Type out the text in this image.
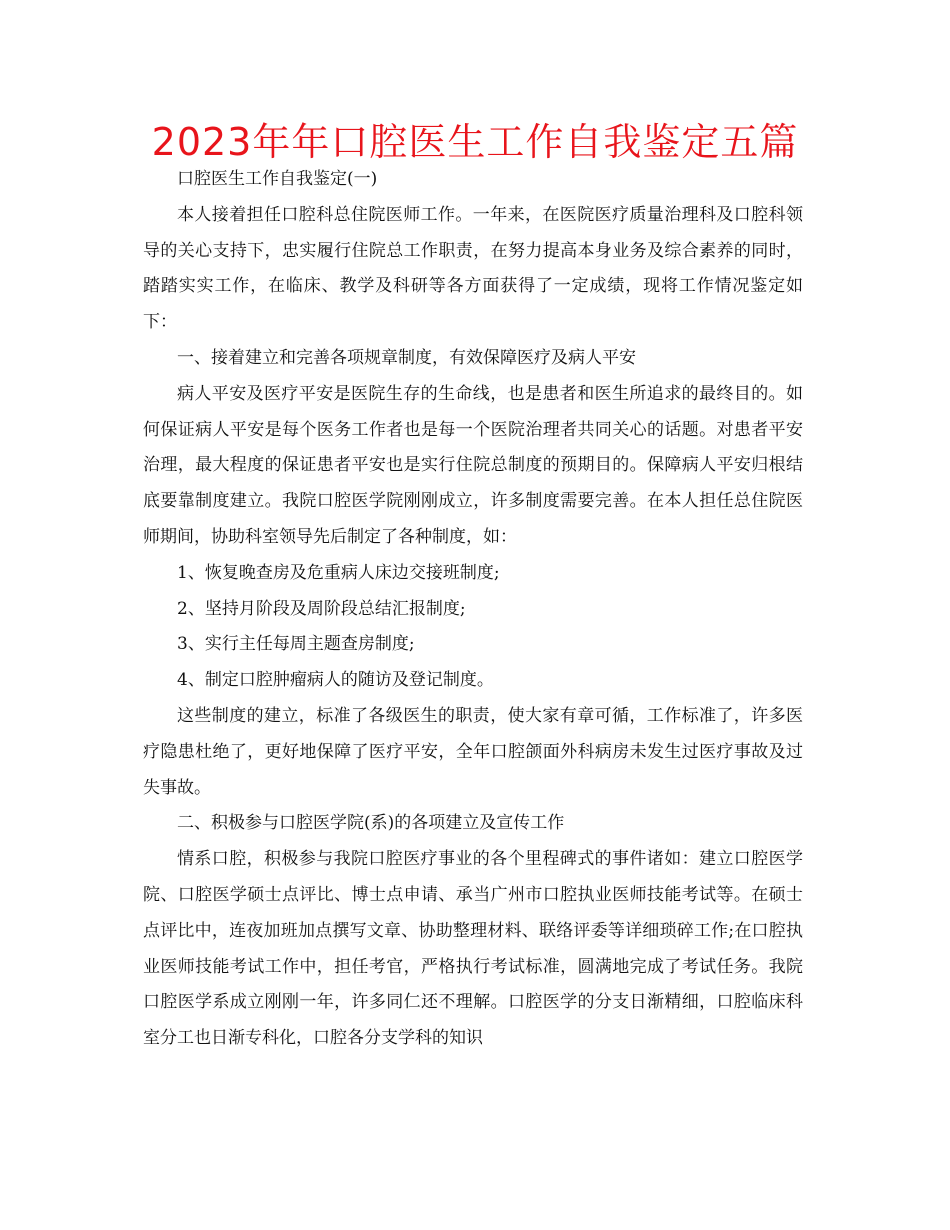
2023年年口腔医生工作自我鉴定五篇

口腔医生工作自我鉴定(一)

本人接着担任口腔科总住院医师工作。一年来，在医院医疗质量治理科及口腔科领导的关心支持下，忠实履行住院总工作职责，在努力提高本身业务及综合素养的同时，踏踏实实工作，在临床、教学及科研等各方面获得了一定成绩，现将工作情况鉴定如下：

一、接着建立和完善各项规章制度，有效保障医疗及病人平安

病人平安及医疗平安是医院生存的生命线，也是患者和医生所追求的最终目的。如何保证病人平安是每个医务工作者也是每一个医院治理者共同关心的话题。对患者平安治理，最大程度的保证患者平安也是实行住院总制度的预期目的。保障病人平安归根结底要靠制度建立。我院口腔医学院刚刚成立，许多制度需要完善。在本人担任总住院医师期间，协助科室领导先后制定了各种制度，如：

1、恢复晚查房及危重病人床边交接班制度;

2、坚持月阶段及周阶段总结汇报制度;

3、实行主任每周主题查房制度;

4、制定口腔肿瘤病人的随访及登记制度。

这些制度的建立，标准了各级医生的职责，使大家有章可循，工作标准了，许多医疗隐患杜绝了，更好地保障了医疗平安，全年口腔颌面外科病房未发生过医疗事故及过失事故。

二、积极参与口腔医学院(系)的各项建立及宣传工作

情系口腔，积极参与我院口腔医疗事业的各个里程碑式的事件诸如：建立口腔医学院、口腔医学硕士点评比、博士点申请、承当广州市口腔执业医师技能考试等。在硕士点评比中，连夜加班加点撰写文章、协助整理材料、联络评委等详细琐碎工作;在口腔执业医师技能考试工作中，担任考官，严格执行考试标准，圆满地完成了考试任务。我院口腔医学系成立刚刚一年，许多同仁还不理解。口腔医学的分支日渐精细，口腔临床科室分工也日渐专科化，口腔各分支学科的知识
